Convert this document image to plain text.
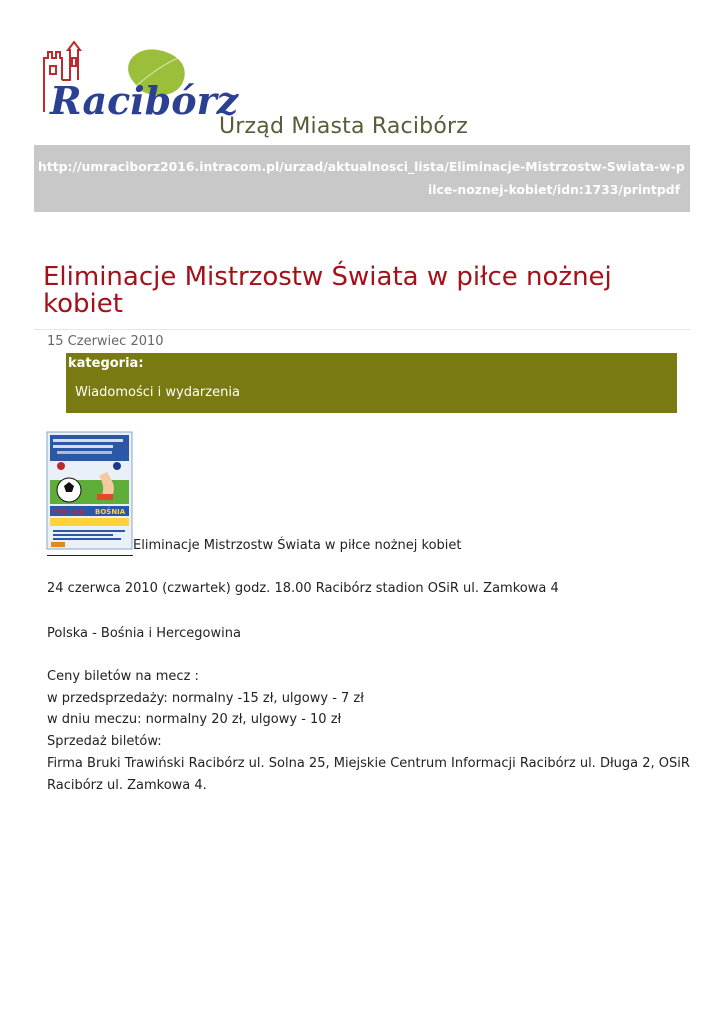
Racibórz
Urząd Miasta Racibórz
http://umraciborz2016.intracom.pl/urzad/aktualnosci_lista/Eliminacje-Mistrzostw-Swiata-w-p
ilce-noznej-kobiet/idn:1733/printpdf
Eliminacje Mistrzostw Świata w piłce nożnej kobiet
15 Czerwiec 2010
kategoria:
Wiadomości i wydarzenia
POLSKA BOŚNIA
Eliminacje Mistrzostw Świata w piłce nożnej kobiet
24 czerwca 2010 (czwartek) godz. 18.00 Racibórz stadion OSiR ul. Zamkowa 4
Polska - Bośnia i Hercegowina
Ceny biletów na mecz :
w przedsprzedaży: normalny -15 zł, ulgowy - 7 zł
w dniu meczu: normalny 20 zł, ulgowy - 10 zł
Sprzedaż biletów:
Firma Bruki Trawiński Racibórz ul. Solna 25, Miejskie Centrum Informacji Racibórz ul. Długa 2, OSiR
Racibórz ul. Zamkowa 4.
